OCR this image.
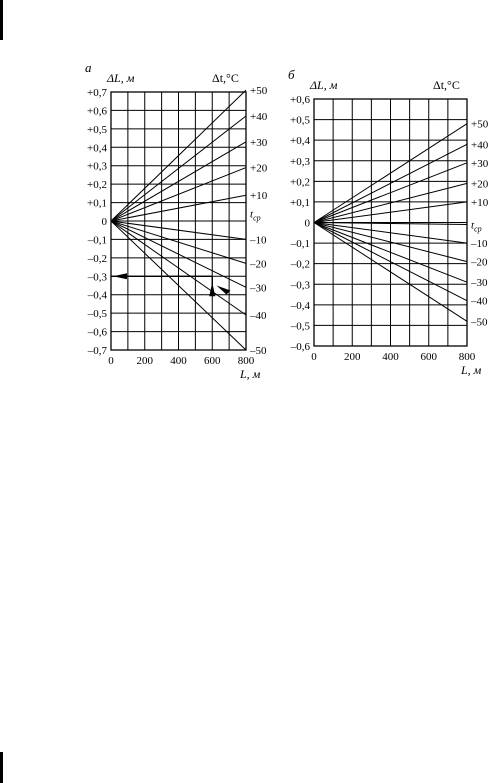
+0,7
+0,6
+0,5
+0,4
+0,3
+0,2
+0,1
0
–0,1
–0,2
–0,3
–0,4
–0,5
–0,6
–0,7
0 200 400 600 800
+50
+40
+30
+20
+10
$t_{ср}$
–10
–20
–30
–40
–50
ΔL, м	Δt,°C
L, м
а
+0,6
+0,5
+0,4
+0,3
+0,2
+0,1
0
–0,1
–0,2
–0,3
–0,4
–0,5
–0,6
0 200 400 600 800
+50
+40
+30
+20
+10
$t_{ср}$
–10
–20
–30
–40
–50
ΔL, м	Δt,°C
L, м
б
